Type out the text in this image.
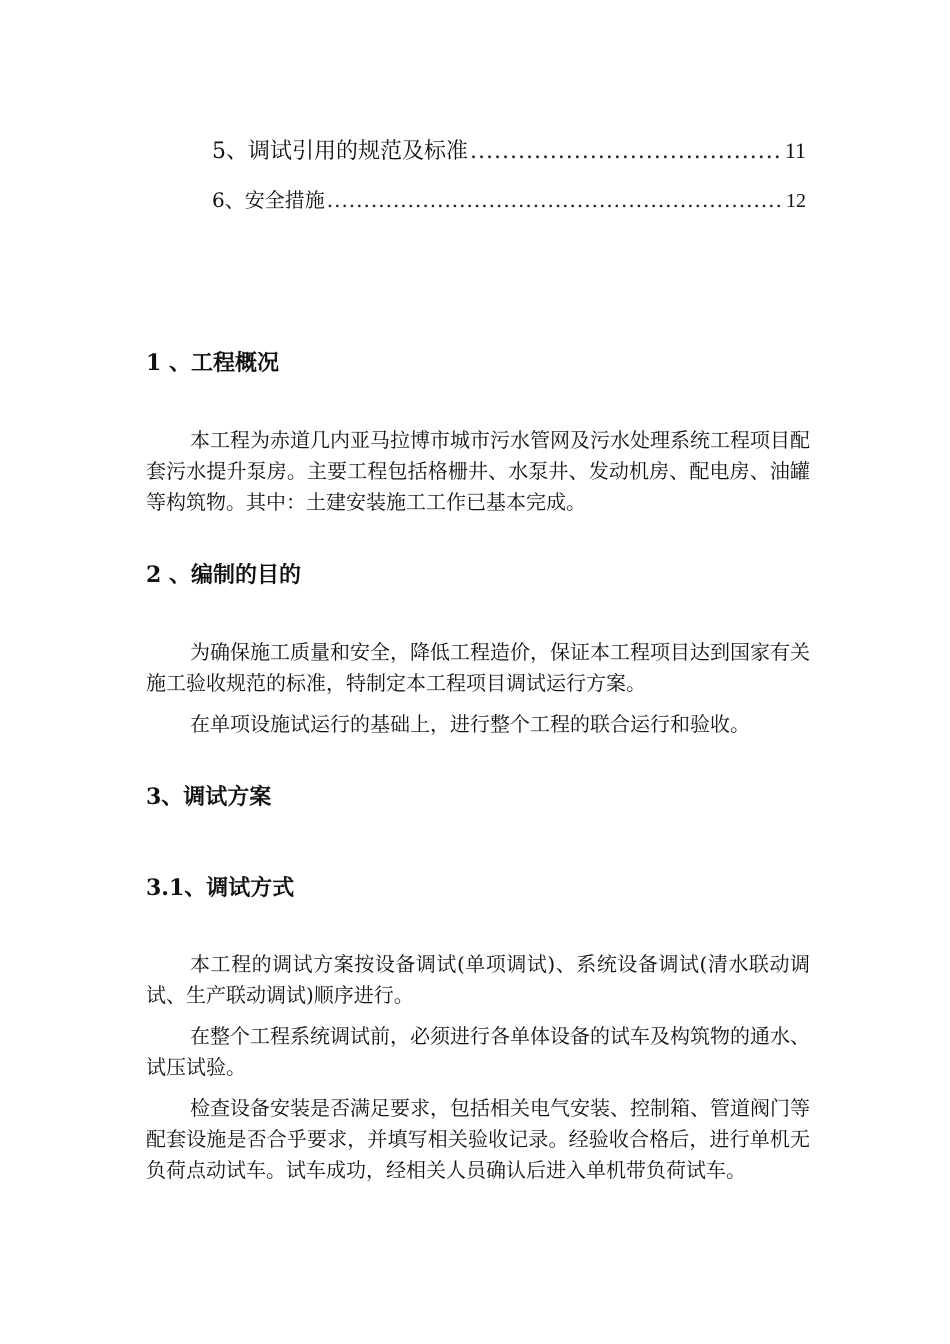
5、调试引用的规范及标准 .....	11
6、安全措施 .....	12
1 、工程概况

本工程为赤道几内亚马拉博市城市污水管网及污水处理系统工程项目配套污水提升泵房。主要工程包括格栅井、水泵井、发动机房、配电房、油罐等构筑物。其中：土建安装施工工作已基本完成。

2 、编制的目的

为确保施工质量和安全，降低工程造价，保证本工程项目达到国家有关施工验收规范的标准，特制定本工程项目调试运行方案。

在单项设施试运行的基础上，进行整个工程的联合运行和验收。

3、调试方案
3.1、调试方式

本工程的调试方案按设备调试(单项调试)、系统设备调试(清水联动调试、生产联动调试)顺序进行。

在整个工程系统调试前，必须进行各单体设备的试车及构筑物的通水、试压试验。

检查设备安装是否满足要求，包括相关电气安装、控制箱、管道阀门等配套设施是否合乎要求，并填写相关验收记录。经验收合格后，进行单机无负荷点动试车。试车成功，经相关人员确认后进入单机带负荷试车。
